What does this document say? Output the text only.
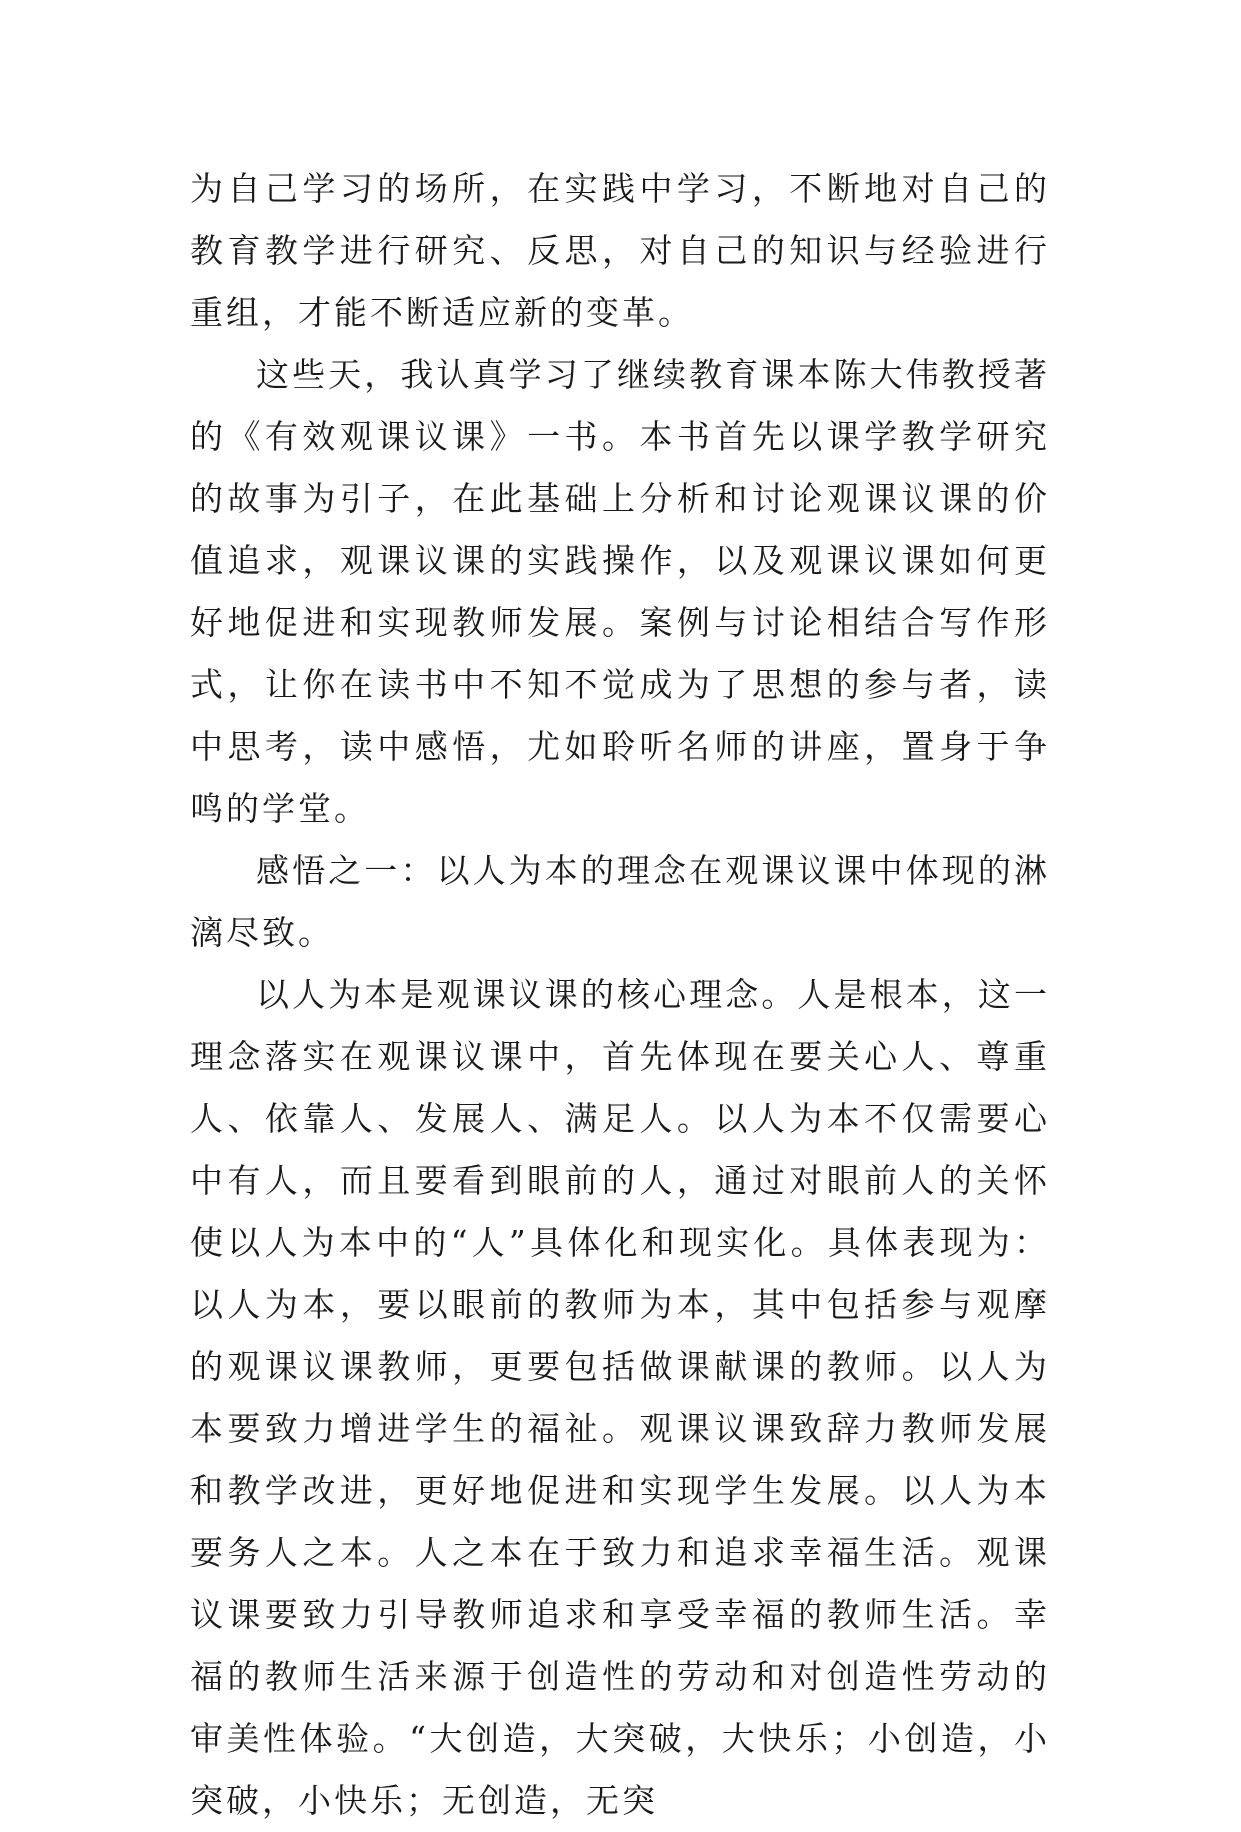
为自己学习的场所，在实践中学习，不断地对自己的教育教学进行研究、反思，对自己的知识与经验进行重组，才能不断适应新的变革。

这些天，我认真学习了继续教育课本陈大伟教授著的《有效观课议课》一书。本书首先以课学教学研究的故事为引子，在此基础上分析和讨论观课议课的价值追求，观课议课的实践操作，以及观课议课如何更好地促进和实现教师发展。案例与讨论相结合写作形式，让你在读书中不知不觉成为了思想的参与者，读中思考，读中感悟，尤如聆听名师的讲座，置身于争鸣的学堂。

感悟之一：以人为本的理念在观课议课中体现的淋漓尽致。

以人为本是观课议课的核心理念。人是根本，这一理念落实在观课议课中，首先体现在要关心人、尊重人、依靠人、发展人、满足人。以人为本不仅需要心中有人，而且要看到眼前的人，通过对眼前人的关怀使以人为本中的“人”具体化和现实化。具体表现为：以人为本，要以眼前的教师为本，其中包括参与观摩的观课议课教师，更要包括做课献课的教师。以人为本要致力增进学生的福祉。观课议课致辞力教师发展和教学改进，更好地促进和实现学生发展。以人为本要务人之本。人之本在于致力和追求幸福生活。观课议课要致力引导教师追求和享受幸福的教师生活。幸福的教师生活来源于创造性的劳动和对创造性劳动的审美性体验。“大创造，大突破，大快乐；小创造，小突破，小快乐；无创造，无突
